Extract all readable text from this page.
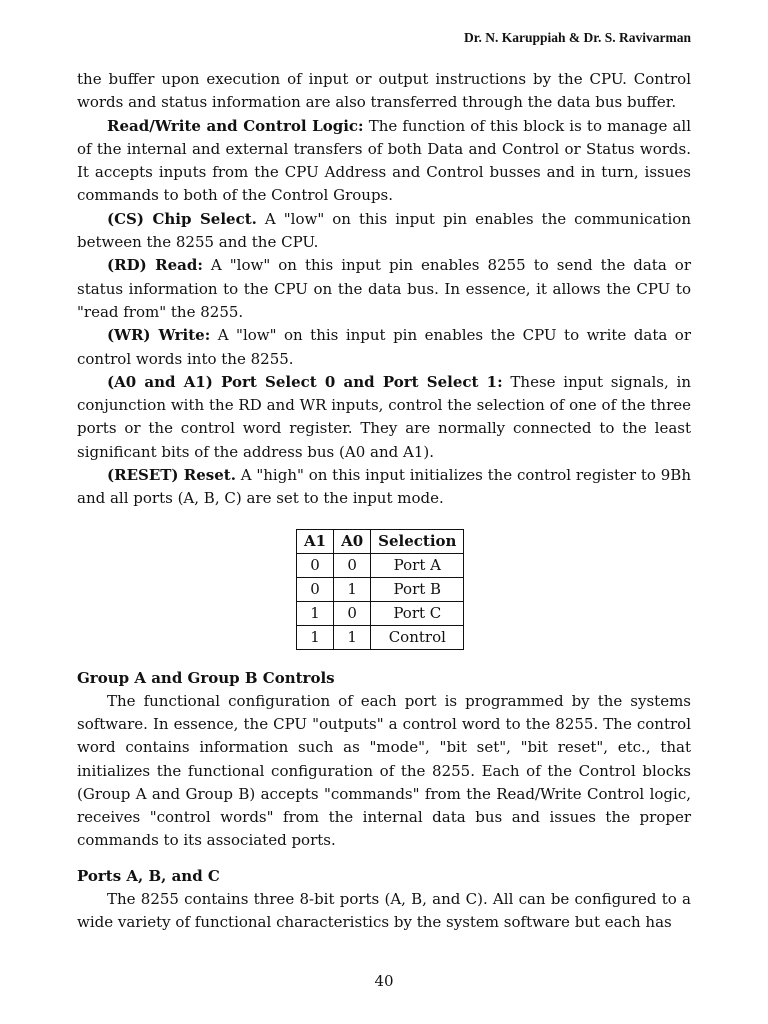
Dr. N. Karuppiah & Dr. S. Ravivarman

the buffer upon execution of input or output instructions by the CPU. Control words and status information are also transferred through the data bus buffer.

Read/Write and Control Logic: The function of this block is to manage all of the internal and external transfers of both Data and Control or Status words. It accepts inputs from the CPU Address and Control busses and in turn, issues commands to both of the Control Groups.

(CS) Chip Select. A "low" on this input pin enables the communication between the 8255 and the CPU.

(RD) Read: A "low" on this input pin enables 8255 to send the data or status information to the CPU on the data bus. In essence, it allows the CPU to "read from" the 8255.

(WR) Write: A "low" on this input pin enables the CPU to write data or control words into the 8255.

(A0 and A1) Port Select 0 and Port Select 1: These input signals, in conjunction with the RD and WR inputs, control the selection of one of the three ports or the control word register. They are normally connected to the least significant bits of the address bus (A0 and A1).

(RESET) Reset. A "high" on this input initializes the control register to 9Bh and all ports (A, B, C) are set to the input mode.

A1	A0	Selection
0	0	Port A
0	1	Port B
1	0	Port C
1	1	Control
Group A and Group B Controls

The functional configuration of each port is programmed by the systems software. In essence, the CPU "outputs" a control word to the 8255. The control word contains information such as "mode", "bit set", "bit reset", etc., that initializes the functional configuration of the 8255. Each of the Control blocks (Group A and Group B) accepts "commands" from the Read/Write Control logic, receives "control words" from the internal data bus and issues the proper commands to its associated ports.

Ports A, B, and C

The 8255 contains three 8-bit ports (A, B, and C). All can be configured to a wide variety of functional characteristics by the system software but each has

40
